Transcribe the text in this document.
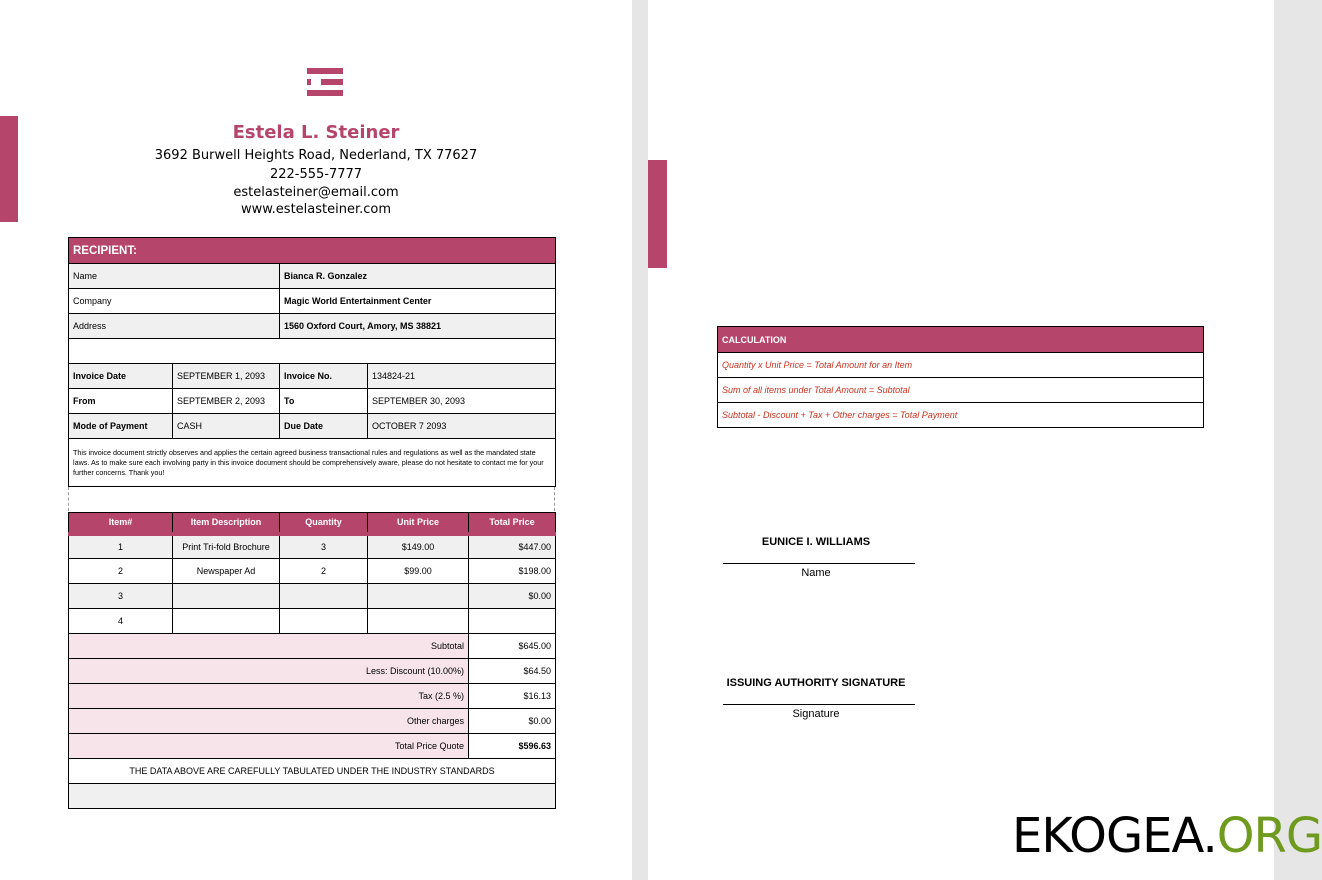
Estela L. Steiner
3692 Burwell Heights Road, Nederland, TX 77627
222-555-7777
estelasteiner@email.com
www.estelasteiner.com
RECIPIENT:			
Name		Bianca R. Gonzalez	
Company		Magic World Entertainment Center	
Address		1560 Oxford Court, Amory, MS 38821	

Invoice Date	SEPTEMBER 1, 2093	Invoice No.	134824-21
From	SEPTEMBER 2, 2093	To	SEPTEMBER 30, 2093
Mode of Payment	CASH	Due Date	OCTOBER 7 2093
This invoice document strictly observes and applies the certain agreed business transactional rules and regulations as well as the mandated state laws. As to make sure each involving party in this invoice document should be comprehensively aware, please do not hesitate to contact me for your further concerns. Thank you!			
Item#	Item Description	Quantity	Unit Price	Total Price
1	Print Tri-fold Brochure	3	$149.00	$447.00
2	Newspaper Ad	2	$99.00	$198.00
3				$0.00
4				
Subtotal				$645.00
Less: Discount (10.00%)				$64.50
Tax (2.5 %)				$16.13
Other charges				$0.00
Total Price Quote				$596.63
THE DATA ABOVE ARE CAREFULLY TABULATED UNDER THE INDUSTRY STANDARDS				

CALCULATION
Quantity x Unit Price = Total Amount for an Item
Sum of all items under Total Amount = Subtotal
Subtotal - Discount + Tax + Other charges = Total Payment
EUNICE I. WILLIAMS
Name
ISSUING AUTHORITY SIGNATURE
Signature
EKOGEA.ORG
